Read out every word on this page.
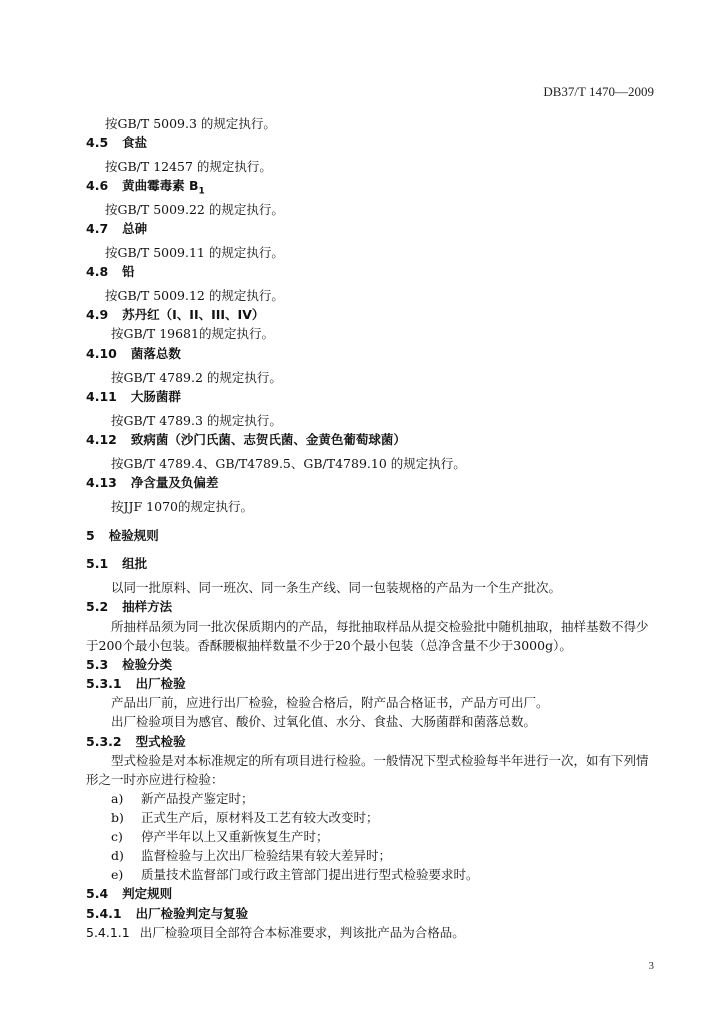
DB37/T 1470—2009
按GB/T 5009.3 的规定执行。
4.5 食盐
按GB/T 12457 的规定执行。
4.6 黄曲霉毒素 $B_1$
按GB/T 5009.22 的规定执行。
4.7 总砷
按GB/T 5009.11 的规定执行。
4.8 铅
按GB/T 5009.12 的规定执行。
4.9 苏丹红（I、II、III、IV）
按GB/T 19681的规定执行。
4.10 菌落总数
按GB/T 4789.2 的规定执行。
4.11 大肠菌群
按GB/T 4789.3 的规定执行。
4.12 致病菌（沙门氏菌、志贺氏菌、金黄色葡萄球菌）
按GB/T 4789.4、GB/T4789.5、GB/T4789.10 的规定执行。
4.13 净含量及负偏差
按JJF 1070的规定执行。
5 检验规则
5.1 组批
以同一批原料、同一班次、同一条生产线、同一包装规格的产品为一个生产批次。
5.2 抽样方法
所抽样品须为同一批次保质期内的产品，每批抽取样品从提交检验批中随机抽取，抽样基数不得少
于200个最小包装。香酥腰椒抽样数量不少于20个最小包装（总净含量不少于3000g）。
5.3 检验分类
5.3.1 出厂检验
产品出厂前，应进行出厂检验，检验合格后，附产品合格证书，产品方可出厂。
出厂检验项目为感官、酸价、过氧化值、水分、食盐、大肠菌群和菌落总数。
5.3.2 型式检验
型式检验是对本标准规定的所有项目进行检验。一般情况下型式检验每半年进行一次，如有下列情
形之一时亦应进行检验：
a) 新产品投产鉴定时；
b) 正式生产后，原材料及工艺有较大改变时；
c) 停产半年以上又重新恢复生产时；
d) 监督检验与上次出厂检验结果有较大差异时；
e) 质量技术监督部门或行政主管部门提出进行型式检验要求时。
5.4 判定规则
5.4.1 出厂检验判定与复验
5.4.1.1 出厂检验项目全部符合本标准要求，判该批产品为合格品。
3
